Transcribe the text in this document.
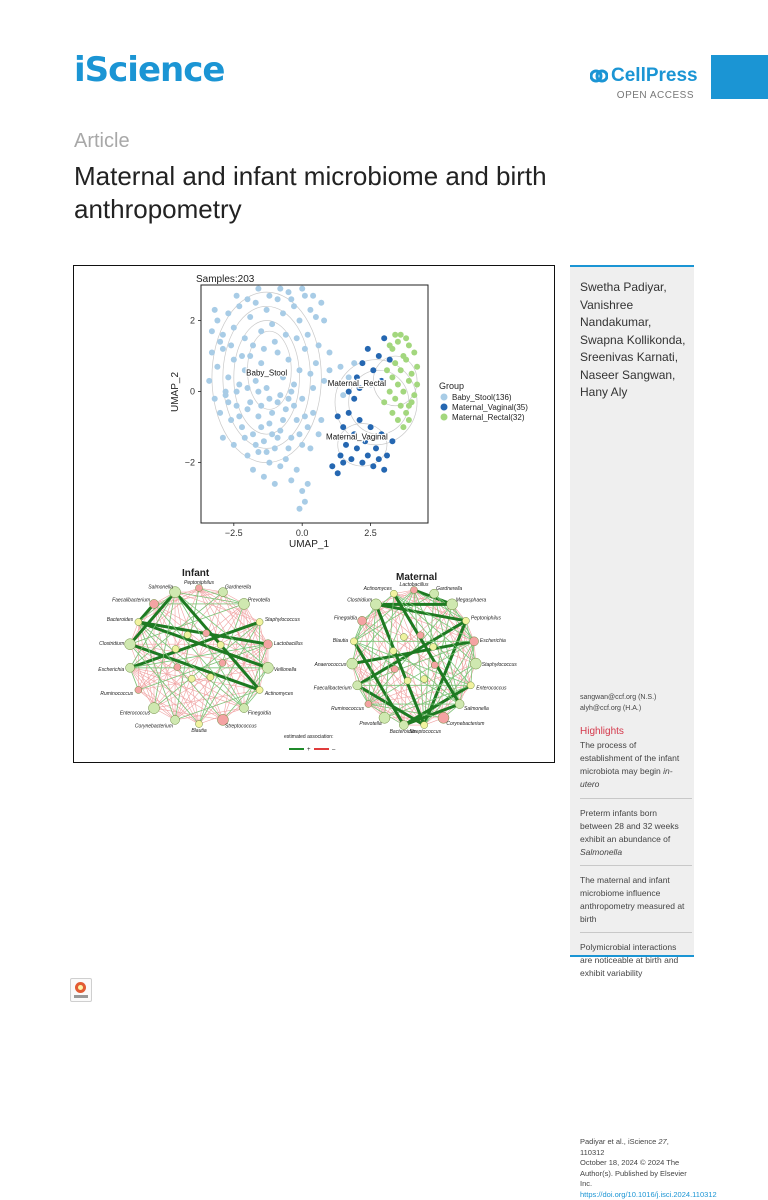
iScience	CellPress
OPEN ACCESS
Article
Maternal and infant microbiome and birth anthropometry
Samples:203
Baby_Stool
Maternal_Rectal
Maternal_Vaginal
−2.5	0.0	2.5
2
0
−2
UMAP_1
UMAP_2	Group
Baby_Stool(136)
Maternal_Vaginal(35)
Maternal_Rectal(32)
Infant	Maternal
Peptoniphilus
Gardnerella
Prevotella
Staphylococcus
Lactobacillus
Veillonella
Actinomyces
Finegoldia
Streptococcus
Blautia
Corynebacterium
Enterococcus
Ruminococcus
Escherichia
Clostridium
Bacteroides
Faecalibacterium
Salmonella	Lactobacillus
Gardnerella
Megasphaera
Peptoniphilus
Escherichia
Staphylococcus
Enterococcus
Salmonella
Corynebacterium
Streptococcus
Bacteroides
Prevotella
Ruminococcus
Faecalibacterium
Anaerococcus
Blautia
Finegoldia
Clostridium
Actinomyces
estimated association:
+	–
Swetha Padiyar, Vanishree Nandakumar, Swapna Kollikonda, Sreenivas Karnati, Naseer Sangwan, Hany Aly
sangwan@ccf.org (N.S.)
alyh@ccf.org (H.A.)
Highlights
The process of establishment of the infant microbiota may begin in-utero
Preterm infants born between 28 and 32 weeks exhibit an abundance of Salmonella
The maternal and infant microbiome influence anthropometry measured at birth
Polymicrobial interactions are noticeable at birth and exhibit variability
Padiyar et al., iScience 27, 110312
October 18, 2024 © 2024 The Author(s). Published by Elsevier Inc.
https://doi.org/10.1016/j.isci.2024.110312
